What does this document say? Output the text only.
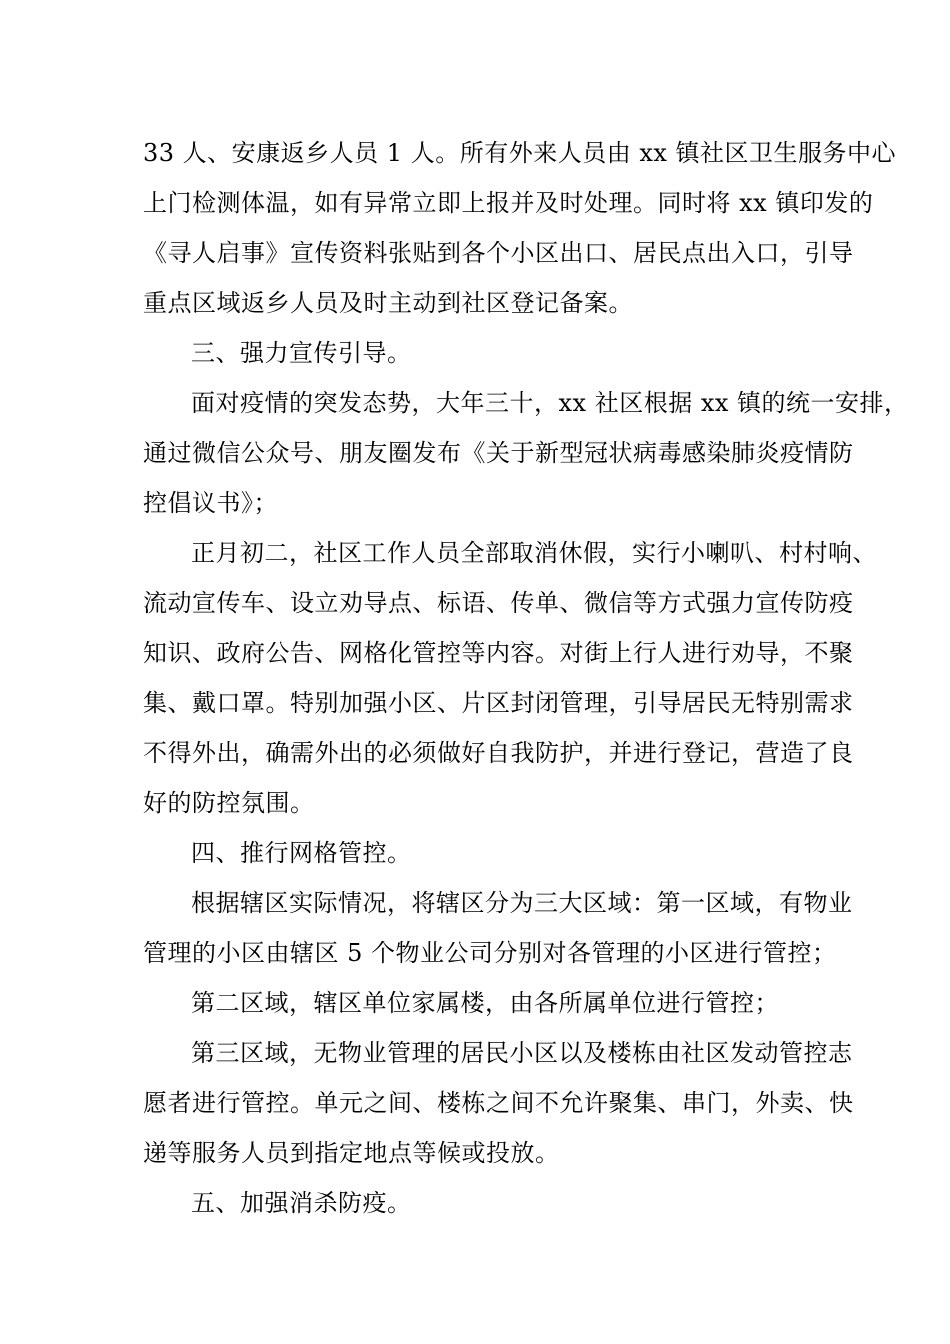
33 人、安康返乡人员 1 人。所有外来人员由 xx 镇社区卫生服务中心
上门检测体温，如有异常立即上报并及时处理。同时将 xx 镇印发的
《寻人启事》宣传资料张贴到各个小区出口、居民点出入口，引导
重点区域返乡人员及时主动到社区登记备案。
三、强力宣传引导。
面对疫情的突发态势，大年三十，xx 社区根据 xx 镇的统一安排，
通过微信公众号、朋友圈发布《关于新型冠状病毒感染肺炎疫情防
控倡议书》；
正月初二，社区工作人员全部取消休假，实行小喇叭、村村响、
流动宣传车、设立劝导点、标语、传单、微信等方式强力宣传防疫
知识、政府公告、网格化管控等内容。对街上行人进行劝导，不聚
集、戴口罩。特别加强小区、片区封闭管理，引导居民无特别需求
不得外出，确需外出的必须做好自我防护，并进行登记，营造了良
好的防控氛围。
四、推行网格管控。
根据辖区实际情况，将辖区分为三大区域：第一区域，有物业
管理的小区由辖区 5 个物业公司分别对各管理的小区进行管控；
第二区域，辖区单位家属楼，由各所属单位进行管控；
第三区域，无物业管理的居民小区以及楼栋由社区发动管控志
愿者进行管控。单元之间、楼栋之间不允许聚集、串门，外卖、快
递等服务人员到指定地点等候或投放。
五、加强消杀防疫。
